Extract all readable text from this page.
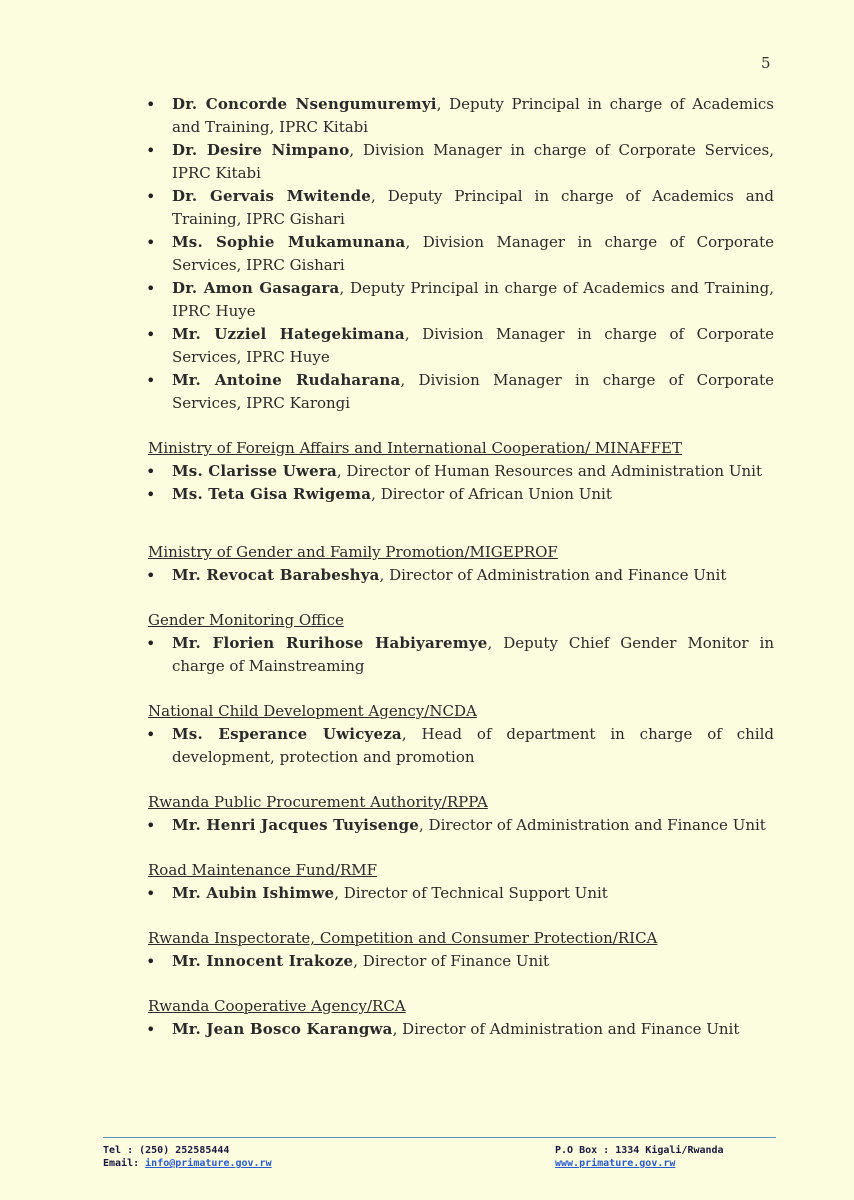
5
• Dr. Concorde Nsengumuremyi, Deputy Principal in charge of Academics and Training, IPRC Kitabi
• Dr. Desire Nimpano, Division Manager in charge of Corporate Services, IPRC Kitabi
• Dr. Gervais Mwitende, Deputy Principal in charge of Academics and Training, IPRC Gishari
• Ms. Sophie Mukamunana, Division Manager in charge of Corporate Services, IPRC Gishari
• Dr. Amon Gasagara, Deputy Principal in charge of Academics and Training, IPRC Huye
• Mr. Uzziel Hategekimana, Division Manager in charge of Corporate Services, IPRC Huye
• Mr. Antoine Rudaharana, Division Manager in charge of Corporate Services, IPRC Karongi

Ministry of Foreign Affairs and International Cooperation/ MINAFFET

• Ms. Clarisse Uwera, Director of Human Resources and Administration Unit
• Ms. Teta Gisa Rwigema, Director of African Union Unit

Ministry of Gender and Family Promotion/MIGEPROF

• Mr. Revocat Barabeshya, Director of Administration and Finance Unit

Gender Monitoring Office

• Mr. Florien Rurihose Habiyaremye, Deputy Chief Gender Monitor in charge of Mainstreaming

National Child Development Agency/NCDA

• Ms. Esperance Uwicyeza, Head of department in charge of child development, protection and promotion

Rwanda Public Procurement Authority/RPPA

• Mr. Henri Jacques Tuyisenge, Director of Administration and Finance Unit

Road Maintenance Fund/RMF

• Mr. Aubin Ishimwe, Director of Technical Support Unit

Rwanda Inspectorate, Competition and Consumer Protection/RICA

• Mr. Innocent Irakoze, Director of Finance Unit

Rwanda Cooperative Agency/RCA

• Mr. Jean Bosco Karangwa, Director of Administration and Finance Unit
Tel : (250) 252585444
Email: info@primature.gov.rw
P.O Box : 1334 Kigali/Rwanda
www.primature.gov.rw
